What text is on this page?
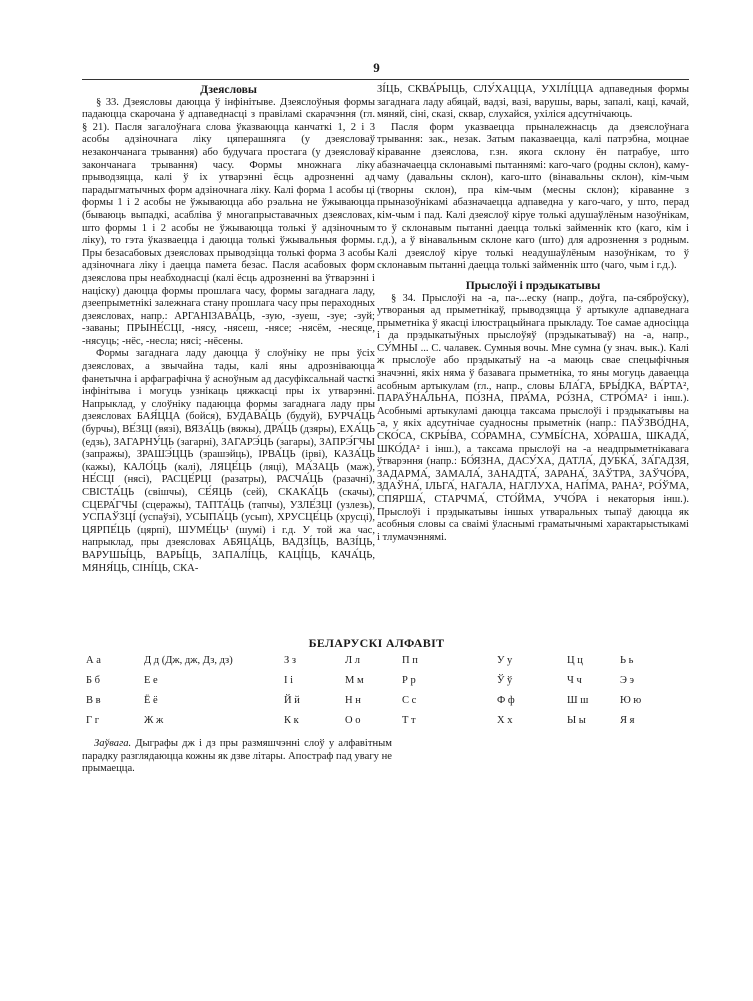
9

Дзеясловы

§ 33. Дзеясловы даюцца ў інфінітыве. Дзеяслоўныя формы падаюцца скарочана ў адпаведнасці з правіламі скарачэння (гл. § 21). Пасля загалоўнага слова ўказваюцца канчаткі 1, 2 і 3 асобы адзіночнага ліку цяперашняга (у дзеясловаў незакончанага трывання) або будучага простага (у дзеясловаў закончанага трывання) часу. Формы множнага ліку прыводзяцца, калі ў іх утварэнні ёсць адрозненні ад парадыгматычных форм адзіночнага ліку. Калі форма 1 асобы ці формы 1 і 2 асобы не ўжываюцца або рэальна не ўжываюцца (бываюць выпадкі, асабліва ў многапрыставачных дзеясловах, што формы 1 і 2 асобы не ўжываюцца толькі ў адзіночным ліку), то гэта ўказваецца і даюцца толькі ўжывальныя формы. Пры безасабовых дзеясловах прыводзіцца толькі форма 3 асобы адзіночнага ліку і даецца памета безас. Пасля асабовых форм дзеяслова пры неабходнасці (калі ёсць адрозненні ва ўтварэнні і націску) даюцца формы прошлага часу, формы загаднага ладу, дзеепрыметнікі залежнага стану прошлага часу пры пераходных дзеясловах, напр.: АРГАНІЗАВА́ЦЬ, -зую, -зуеш, -зуе; -зуй; -заваны; ПРЫНЕ́СЦІ, -нясу, -нясеш, -нясе; -нясём, -несяце, -нясуць; -нёс, -несла; нясі; -нёсены.

Формы загаднага ладу даюцца ў слоўніку не пры ўсіх дзеясловах, а звычайна тады, калі яны адрозніваюцца фанетычна і арфаграфічна ў асноўным ад дасуфіксальнай часткі інфінітыва і могуць узнікаць цяжкасці пры іх утварэнні. Напрыклад, у слоўніку падаюцца формы загаднага ладу пры дзеясловах БАЯ́ЦЦА (бойся), БУДАВА́ЦЬ (будуй), БУРЧА́ЦЬ (бурчы), ВЕ́ЗЦІ (вязі), ВЯЗА́ЦЬ (вяжы), ДРА́ЦЬ (дзяры), ЕХА́ЦЬ (едзь), ЗАГАРНУ́ЦЬ (загарні), ЗАГАРЭ́ЦЬ (загары), ЗАПРЭ́ГЧЫ (запражы), ЗРАШЭ́ЦЦЬ (зрашэйць), ІРВА́ЦЬ (ірві), КАЗА́ЦЬ (кажы), КАЛО́ЦЬ (калі), ЛЯЦЕ́ЦЬ (ляці), МА́ЗАЦЬ (маж), НЕ́СЦІ (нясі), РАСЦЕ́РЦІ (разатры), РАСЧА́ЦЬ (разачні), СВІСТА́ЦЬ (свішчы), СЕ́ЯЦЬ (сей), СКАКА́ЦЬ (скачы), СЦЕРА́ГЧЫ (сцеражы), ТАПТА́ЦЬ (тапчы), УЗЛЕ́ЗЦІ (узлезь), УСПАЎЗЦІ́ (успаўзі), УСЫПА́ЦЬ (усып), ХРУСЦЕ́ЦЬ (хрусці), ЦЯРПЕ́ЦЬ (цярпі), ШУМЕ́ЦЬ¹ (шумі) і г.д. У той жа час, напрыклад, пры дзеясловах АБЯЦА́ЦЬ, ВАДЗІ́ЦЬ, ВАЗІ́ЦЬ, ВАРУШЫ́ЦЬ, ВАРЫ́ЦЬ, ЗАПАЛІ́ЦЬ, КАЦІ́ЦЬ, КАЧА́ЦЬ, МЯНЯ́ЦЬ, СІНІ́ЦЬ, СКА-

ЗІ́ЦЬ, СКВА́РЫЦЬ, СЛУ́ХАЦЦА, УХІЛІ́ЦЦА адпаведныя формы загаднага ладу абяцай, вадзі, вазі, варушы, вары, запалі, каці, качай, мяняй, сіні, сказі, сквар, слухайся, ухіліся адсутнічаюць.

Пасля форм указваецца прыналежнасць да дзеяслоўнага трывання: зак., незак. Затым паказваецца, калі патрэбна, моцнае кіраванне дзеяслова, г.зн. якога склону ён патрабуе, што абазначаецца склонавымі пытаннямі: каго-чаго (родны склон), каму-чаму (давальны склон), каго-што (вінавальны склон), кім-чым (творны склон), пра кім-чым (месны склон); кіраванне з прыназоўнікамі абазначаецца адпаведна у каго-чаго, у што, перад кім-чым і пад. Калі дзеяслоў кіруе толькі адушаўлёным назоўнікам, то ў склонавым пытанні даецца толькі займеннік кто (каго, кім і г.д.), а ў вінавальным склоне каго (што) для адрознення з родным. Калі дзеяслоў кіруе толькі неадушаўлёным назоўнікам, то ў склонавым пытанні даецца толькі займеннік што (чаго, чым і г.д.).

Прыслоўі і прэдыкатывы

§ 34. Прыслоўі на -а, па-...еску (напр., доўга, па-сяброўску), утвораныя ад прыметнікаў, прыводзяцца ў артыкуле адпаведнага прыметніка ў якасці ілюстрацыйнага прыкладу. Тое самае адносіцца і да прэдыкатыўных прыслоўяў (прэдыкатываў) на -а, напр., СУ́МНЫ ... С. чалавек. Сумныя вочы. Мне сумна (у знач. вык.). Калі ж прыслоўе або прэдыкатыў на -а маюць свае спецыфічныя значэнні, якіх няма ў базавага прыметніка, то яны могуць даваецца асобным артыкулам (гл., напр., словы БЛА́ГА, БРЫ́ДКА, ВА́РТА², ПАРАЎНА́ЛЬНА, ПО́ЗНА, ПРА́МА, РО́ЗНА, СТРО́МА² і інш.). Асобнымі артыкуламі даюцца таксама прыслоўі і прэдыкатывы на -а, у якіх адсутнічае суадносны прыметнік (напр.: ПАЎЗВО́ДНА, СКО́СА, СКРЫ́ВА, СО́РАМНА, СУМБІ́СНА, ХО́РАША, ШКАДА́, ШКО́ДА² і інш.), а таксама прыслоўі на -а неадпрыметнікавага ўтварэння (напр.: БО́ЯЗНА, ДАСУ́ХА, ДАТЛА́, ДУБКА́, ЗА́ГАДЗЯ, ЗАДАРМА́, ЗАМАЛА́, ЗАНАДТА́, ЗАРАНА́, ЗАЎТРА, ЗАЎЧО́РА, ЗДАЎНА́, ІЛЬГА́, НАГАЛА, НАГЛУХА, НАП́МА, РАНА², РО́ЎМА, СПЯРША́, СТАРЧМА́, СТО́ЙМА, УЧО́РА і некаторыя інш.). Прыслоўі і прэдыкатывы іншых утваральных тыпаў даюцца як асобныя словы са сваімі ўласнымі граматычнымі характарыстыкамі і тлумачэннямі.

БЕЛАРУСКІ АЛФАВІТ
А а	Д д (Дж, дж, Дз, дз)	З з	Л л	П п	У у	Ц ц	Ь ь
Б б	Е е	І і	М м	Р р	Ў ў	Ч ч	Э э
В в	Ё ё	Й й	Н н	С с	Ф ф	Ш ш	Ю ю
Г г	Ж ж	К к	О о	Т т	Х х	Ы ы	Я я
Заўвага. Дыграфы дж і дз пры размяшчэнні слоў у алфавітным парадку разглядаюцца кожны як дзве літары. Апостраф пад увагу не прымаецца.
